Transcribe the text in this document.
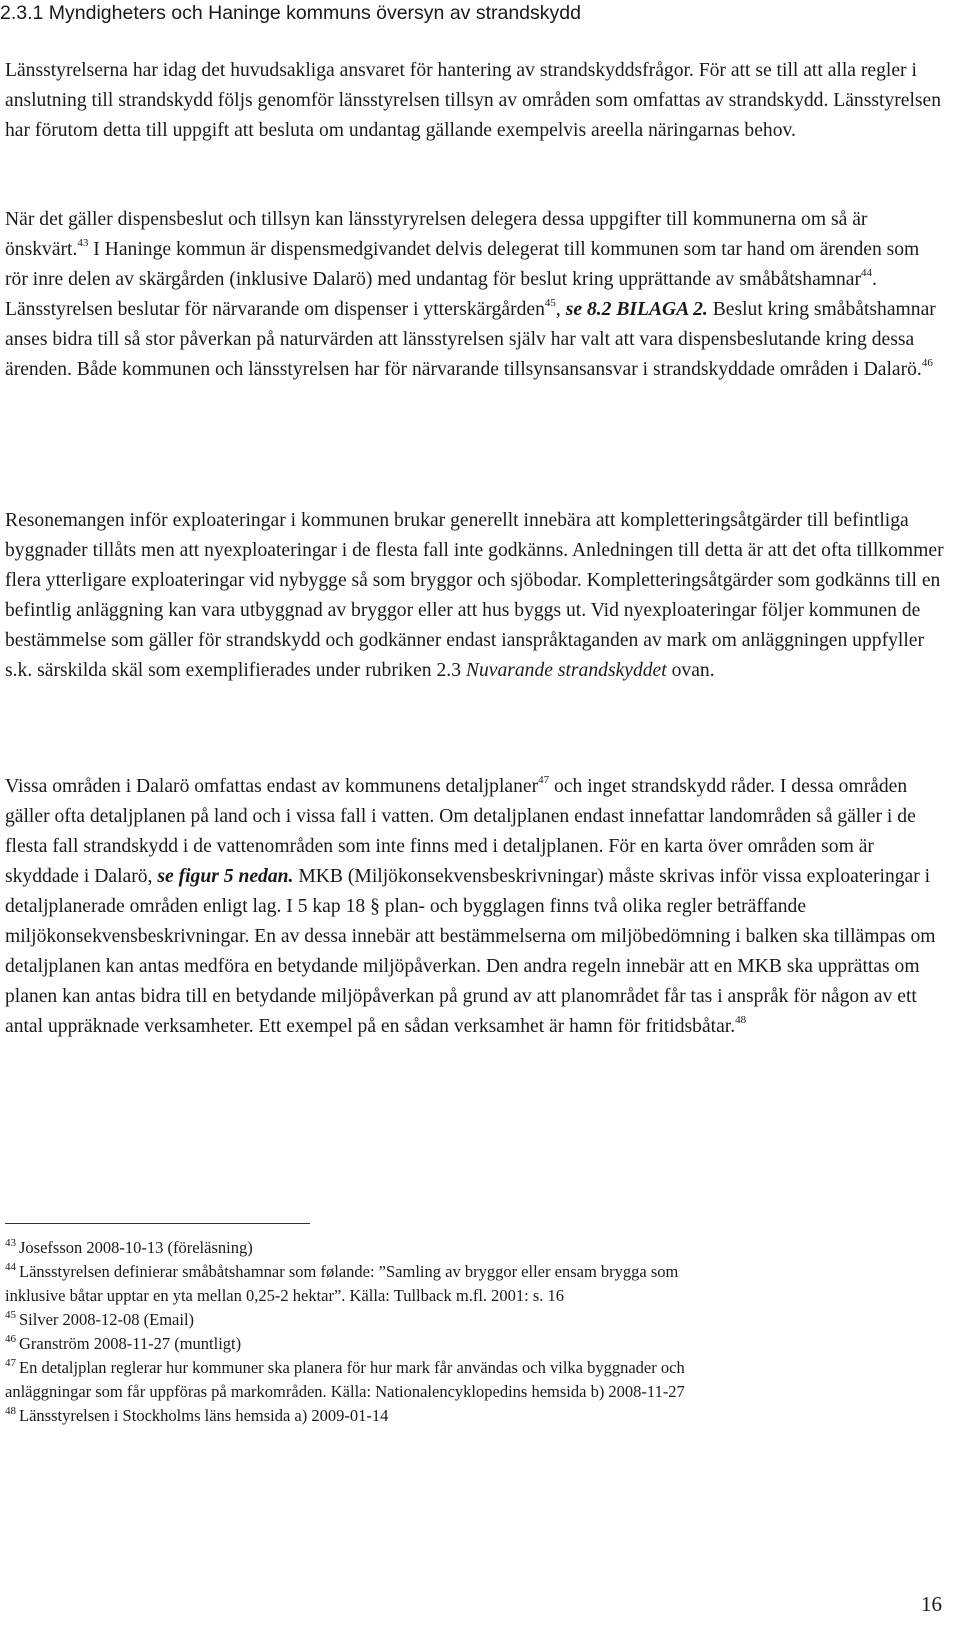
2.3.1 Myndigheters och Haninge kommuns översyn av strandskydd

Länsstyrelserna har idag det huvudsakliga ansvaret för hantering av strandskyddsfrågor. För att se till att alla regler i anslutning till strandskydd följs genomför länsstyrelsen tillsyn av områden som omfattas av strandskydd. Länsstyrelsen har förutom detta till uppgift att besluta om undantag gällande exempelvis areella näringarnas behov.

När det gäller dispensbeslut och tillsyn kan länsstyryrelsen delegera dessa uppgifter till kommunerna om så är önskvärt.$^{43}$ I Haninge kommun är dispensmedgivandet delvis delegerat till kommunen som tar hand om ärenden som rör inre delen av skärgården (inklusive Dalarö) med undantag för beslut kring upprättande av småbåtshamnar$^{44}$. Länsstyrelsen beslutar för närvarande om dispenser i ytterskärgården$^{45}$, se 8.2 BILAGA 2. Beslut kring småbåtshamnar anses bidra till så stor påverkan på naturvärden att länsstyrelsen själv har valt att vara dispensbeslutande kring dessa ärenden. Både kommunen och länsstyrelsen har för närvarande tillsynsansansvar i strandskyddade områden i Dalarö.$^{46}$

Resonemangen inför exploateringar i kommunen brukar generellt innebära att kompletteringsåtgärder till befintliga byggnader tillåts men att nyexploateringar i de flesta fall inte godkänns. Anledningen till detta är att det ofta tillkommer flera ytterligare exploateringar vid nybygge så som bryggor och sjöbodar. Kompletteringsåtgärder som godkänns till en befintlig anläggning kan vara utbyggnad av bryggor eller att hus byggs ut. Vid nyexploateringar följer kommunen de bestämmelse som gäller för strandskydd och godkänner endast ianspråktaganden av mark om anläggningen uppfyller s.k. särskilda skäl som exemplifierades under rubriken 2.3 Nuvarande strandskyddet ovan.

Vissa områden i Dalarö omfattas endast av kommunens detaljplaner$^{47}$ och inget strandskydd råder. I dessa områden gäller ofta detaljplanen på land och i vissa fall i vatten. Om detaljplanen endast innefattar landområden så gäller i de flesta fall strandskydd i de vattenområden som inte finns med i detaljplanen. För en karta över områden som är skyddade i Dalarö, se figur 5 nedan. MKB (Miljökonsekvensbeskrivningar) måste skrivas inför vissa exploateringar i detaljplanerade områden enligt lag. I 5 kap 18 § plan- och bygglagen finns två olika regler beträffande miljökonsekvensbeskrivningar. En av dessa innebär att bestämmelserna om miljöbedömning i balken ska tillämpas om detaljplanen kan antas medföra en betydande miljöpåverkan. Den andra regeln innebär att en MKB ska upprättas om planen kan antas bidra till en betydande miljöpåverkan på grund av att planområdet får tas i anspråk för någon av ett antal uppräknade verksamheter. Ett exempel på en sådan verksamhet är hamn för fritidsbåtar.$^{48}$

$^{43}$ Josefsson 2008-10-13 (föreläsning)
$^{44}$ Länsstyrelsen definierar småbåtshamnar som følande: ”Samling av bryggor eller ensam brygga som
inklusive båtar upptar en yta mellan 0,25-2 hektar”. Källa: Tullback m.fl. 2001: s. 16
$^{45}$ Silver 2008-12-08 (Email)
$^{46}$ Granström 2008-11-27 (muntligt)
$^{47}$ En detaljplan reglerar hur kommuner ska planera för hur mark får användas och vilka byggnader och
anläggningar som får uppföras på markområden. Källa: Nationalencyklopedins hemsida b) 2008-11-27
$^{48}$ Länsstyrelsen i Stockholms läns hemsida a) 2009-01-14
16
